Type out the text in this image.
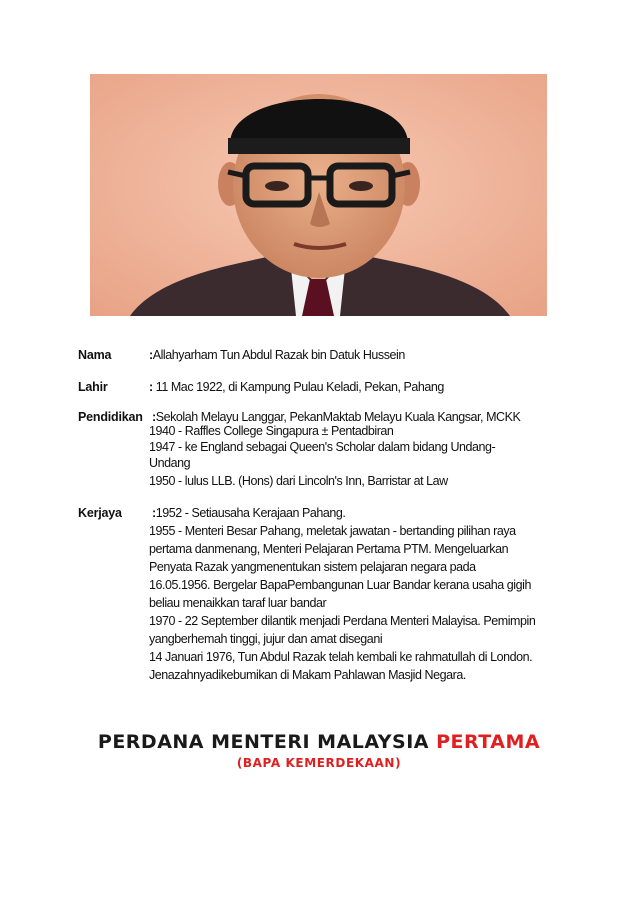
Nama	:Allahyarham Tun Abdul Razak bin Datuk Hussein
Lahir	: 11 Mac 1922, di Kampung Pulau Keladi, Pekan, Pahang
Pendidikan :Sekolah Melayu Langgar, PekanMaktab Melayu Kuala Kangsar, MCKK
1940 - Raffles College Singapura ± Pentadbiran
1947 - ke England sebagai Queen's Scholar dalam bidang Undang-
Undang
1950 - lulus LLB. (Hons) dari Lincoln's Inn, Barristar at Law
Kerjaya :1952 - Setiausaha Kerajaan Pahang.
1955 - Menteri Besar Pahang, meletak jawatan - bertanding pilihan raya
pertama danmenang, Menteri Pelajaran Pertama PTM. Mengeluarkan
Penyata Razak yangmenentukan sistem pelajaran negara pada
16.05.1956. Bergelar BapaPembangunan Luar Bandar kerana usaha gigih
beliau menaikkan taraf luar bandar
1970 - 22 September dilantik menjadi Perdana Menteri Malayisa. Pemimpin
yangberhemah tinggi, jujur dan amat disegani
14 Januari 1976, Tun Abdul Razak telah kembali ke rahmatullah di London.
Jenazahnyadikebumikan di Makam Pahlawan Masjid Negara.
PERDANA MENTERI MALAYSIA PERTAMA
(BAPA KEMERDEKAAN)
